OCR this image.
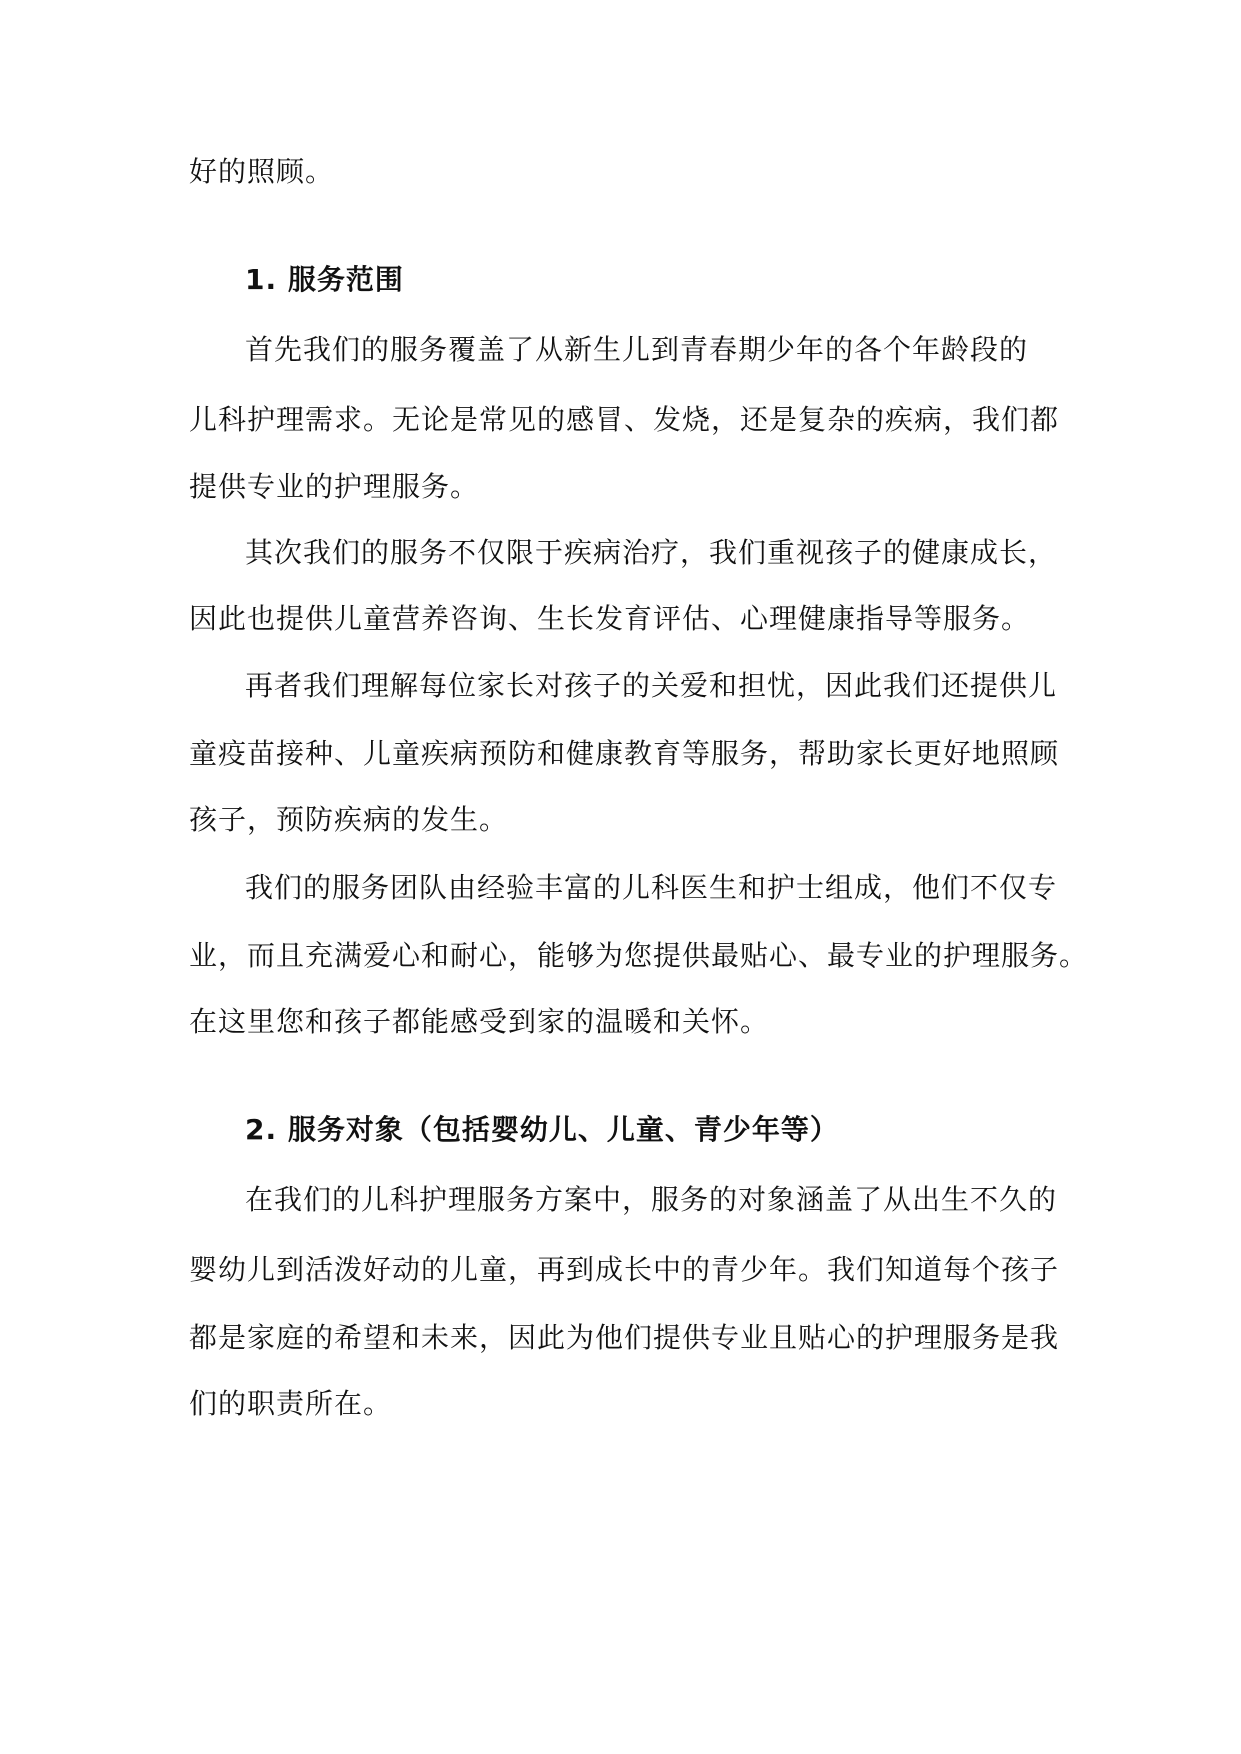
好的照顾。
1. 服务范围
首先我们的服务覆盖了从新生儿到青春期少年的各个年龄段的
儿科护理需求。无论是常见的感冒、发烧，还是复杂的疾病，我们都
提供专业的护理服务。
其次我们的服务不仅限于疾病治疗，我们重视孩子的健康成长，
因此也提供儿童营养咨询、生长发育评估、心理健康指导等服务。
再者我们理解每位家长对孩子的关爱和担忧，因此我们还提供儿
童疫苗接种、儿童疾病预防和健康教育等服务，帮助家长更好地照顾
孩子，预防疾病的发生。
我们的服务团队由经验丰富的儿科医生和护士组成，他们不仅专
业，而且充满爱心和耐心，能够为您提供最贴心、最专业的护理服务。
在这里您和孩子都能感受到家的温暖和关怀。
2. 服务对象（包括婴幼儿、儿童、青少年等）
在我们的儿科护理服务方案中，服务的对象涵盖了从出生不久的
婴幼儿到活泼好动的儿童，再到成长中的青少年。我们知道每个孩子
都是家庭的希望和未来，因此为他们提供专业且贴心的护理服务是我
们的职责所在。
